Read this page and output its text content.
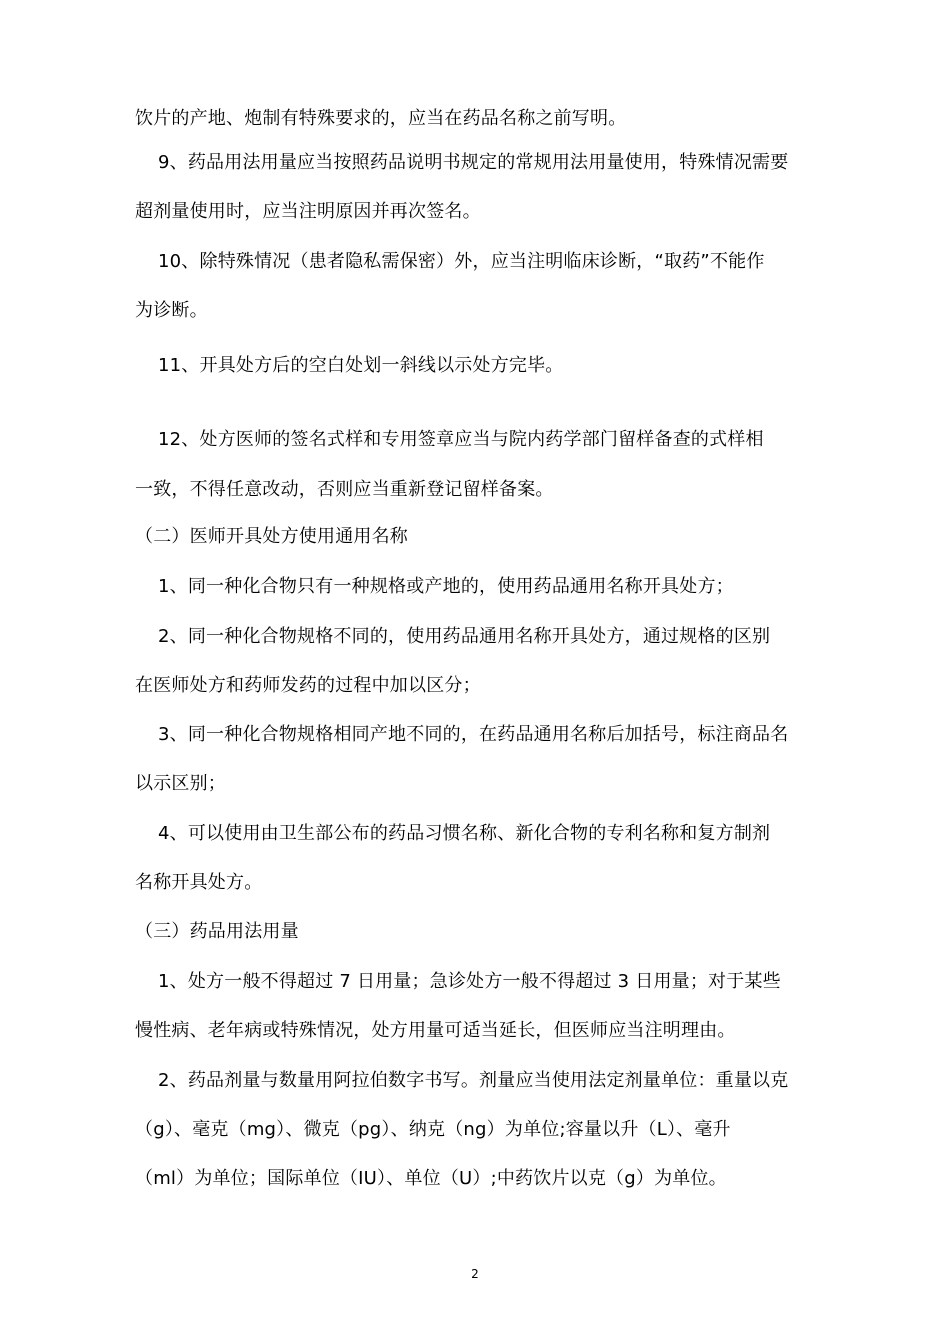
饮片的产地、炮制有特殊要求的，应当在药品名称之前写明。
9、药品用法用量应当按照药品说明书规定的常规用法用量使用，特殊情况需要
超剂量使用时，应当注明原因并再次签名。
10、除特殊情况（患者隐私需保密）外，应当注明临床诊断，“取药”不能作
为诊断。
11、开具处方后的空白处划一斜线以示处方完毕。
12、处方医师的签名式样和专用签章应当与院内药学部门留样备查的式样相
一致，不得任意改动，否则应当重新登记留样备案。
（二）医师开具处方使用通用名称
1、同一种化合物只有一种规格或产地的，使用药品通用名称开具处方；
2、同一种化合物规格不同的，使用药品通用名称开具处方，通过规格的区别
在医师处方和药师发药的过程中加以区分；
3、同一种化合物规格相同产地不同的，在药品通用名称后加括号，标注商品名
以示区别；
4、可以使用由卫生部公布的药品习惯名称、新化合物的专利名称和复方制剂
名称开具处方。
（三）药品用法用量
1、处方一般不得超过 7 日用量；急诊处方一般不得超过 3 日用量；对于某些
慢性病、老年病或特殊情况，处方用量可适当延长，但医师应当注明理由。
2、药品剂量与数量用阿拉伯数字书写。剂量应当使用法定剂量单位：重量以克
（g）、毫克（mg）、微克（pg）、纳克（ng）为单位;容量以升（L）、毫升
（ml）为单位；国际单位（IU）、单位（U）;中药饮片以克（g）为单位。
2
